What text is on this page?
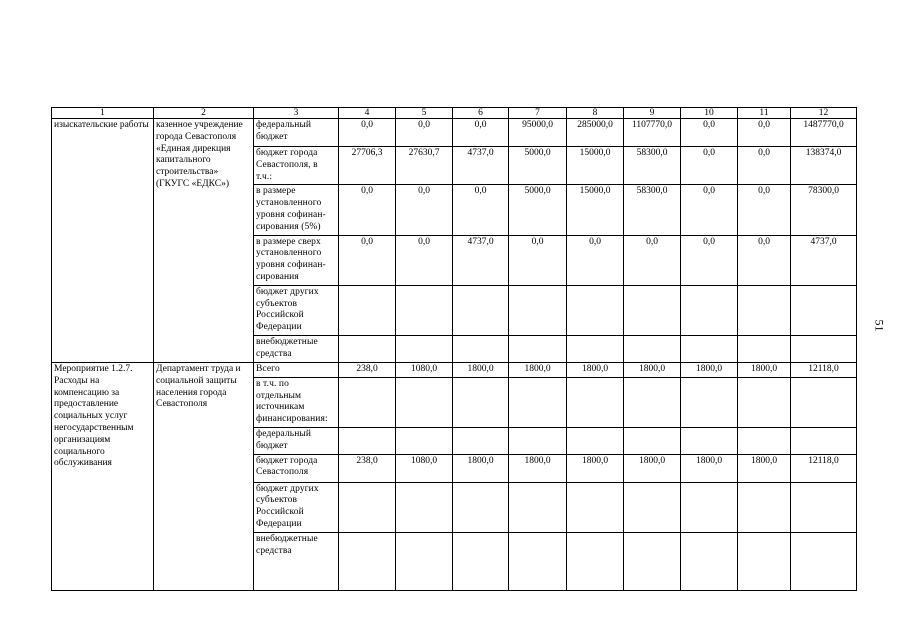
1	2	3	4	5	6	7	8	9	10	11	12
изыскательские работы	казенное учреждение города Севастополя «Единая дирекция капитального строительства» (ГКУГС «ЕДКС»)	федеральный бюджет	0,0	0,0	0,0	95000,0	285000,0	1107770,0	0,0	0,0	1487770,0
		бюджет города Севастополя, в т.ч.:	27706,3	27630,7	4737,0	5000,0	15000,0	58300,0	0,0	0,0	138374,0
		в размере установленного уровня софинан-сирования (5%)	0,0	0,0	0,0	5000,0	15000,0	58300,0	0,0	0,0	78300,0
		в размере сверх установленного уровня софинан-сирования	0,0	0,0	4737,0	0,0	0,0	0,0	0,0	0,0	4737,0
		бюджет других субъектов Российской Федерации									
		внебюджетные средства									
Мероприятие 1.2.7. Расходы на компенсацию за предоставление социальных услуг негосударственным организациям социального обслуживания	Департамент труда и социальной защиты населения города Севастополя	Всего	238,0	1080,0	1800,0	1800,0	1800,0	1800,0	1800,0	1800,0	12118,0
		в т.ч. по отдельным источникам финансирования:									
		федеральный бюджет									
		бюджет города Севастополя	238,0	1080,0	1800,0	1800,0	1800,0	1800,0	1800,0	1800,0	12118,0
		бюджет других субъектов Российской Федерации									
		внебюджетные средства									
51
